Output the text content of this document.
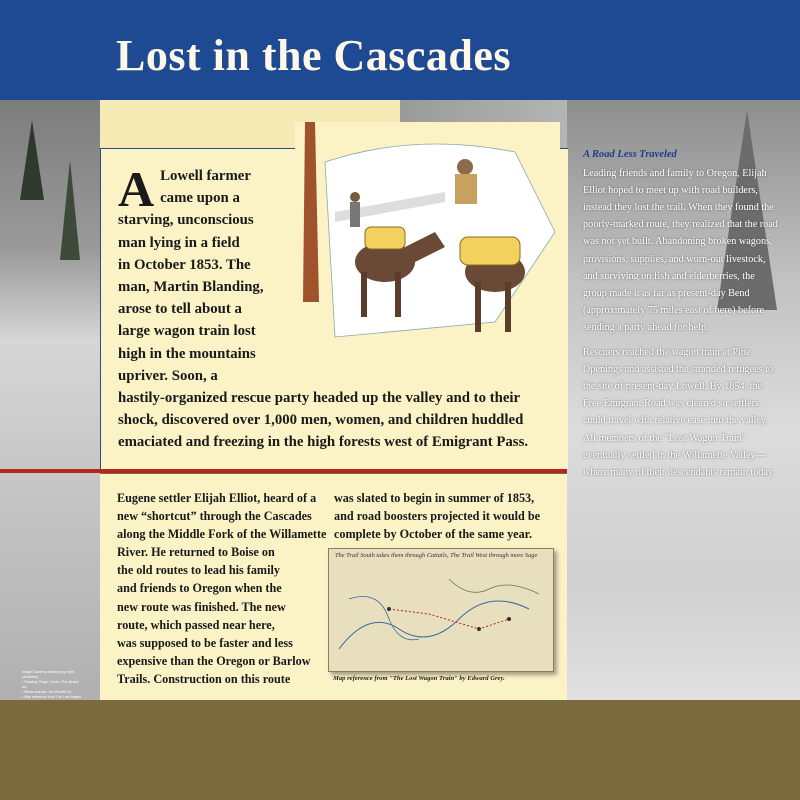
Lost in the Cascades
A Lowell farmer
came upon a
starving, unconscious
man lying in a field
in October 1853. The
man, Martin Blanding,
arose to tell about a
large wagon train lost
high in the mountains
upriver. Soon, a
hastily-organized rescue party headed up the valley and to their
shock, discovered over 1,000 men, women, and children huddled
emaciated and freezing in the high forests west of Emigrant Pass.
Eugene settler Elijah Elliot, heard of a
new “shortcut” through the Cascades
along the Middle Fork of the Willamette
River. He returned to Boise on
the old routes to lead his family
and friends to Oregon when the
new route was finished. The new
route, which passed near here,
was supposed to be faster and less
expensive than the Oregon or Barlow
Trails. Construction on this route
was slated to begin in summer of 1853,
and road boosters projected it would be
complete by October of the same year.
The Trail South takes them through Cattails, The Trail West through more Sage
Map reference from "The Lost Wagon Train" by Edward Grey.
A Road Less Traveled

Leading friends and family to Oregon, Elijah Elliot hoped to meet up with road builders, instead they lost the trail. When they found the poorly-marked route, they realized that the road was not yet built. Abandoning broken wagons, provisions, supplies, and worn-out livestock, and surviving on fish and elderberries, the group made it as far as present-day Bend (approximately 75 miles east of here) before sending a party ahead for help.

Rescuers reached the wagon train at Pine Openings and assisted the stranded refugees to the site of present-day Lowell. By 1854, the Free Emigrant Road was cleared so settlers could travel with relative ease into the valley. All members of the "Lost Wagon Train" eventually settled in the Willamette Valley—where many of their descendants remain today.

Image Courtesy (starting top right, clockwise)
• Drawing: Roger Cooke, Ron Brand Art
• Winter scenes: Jim Rowell Ltd
• Map reference from The Lost Wagon
